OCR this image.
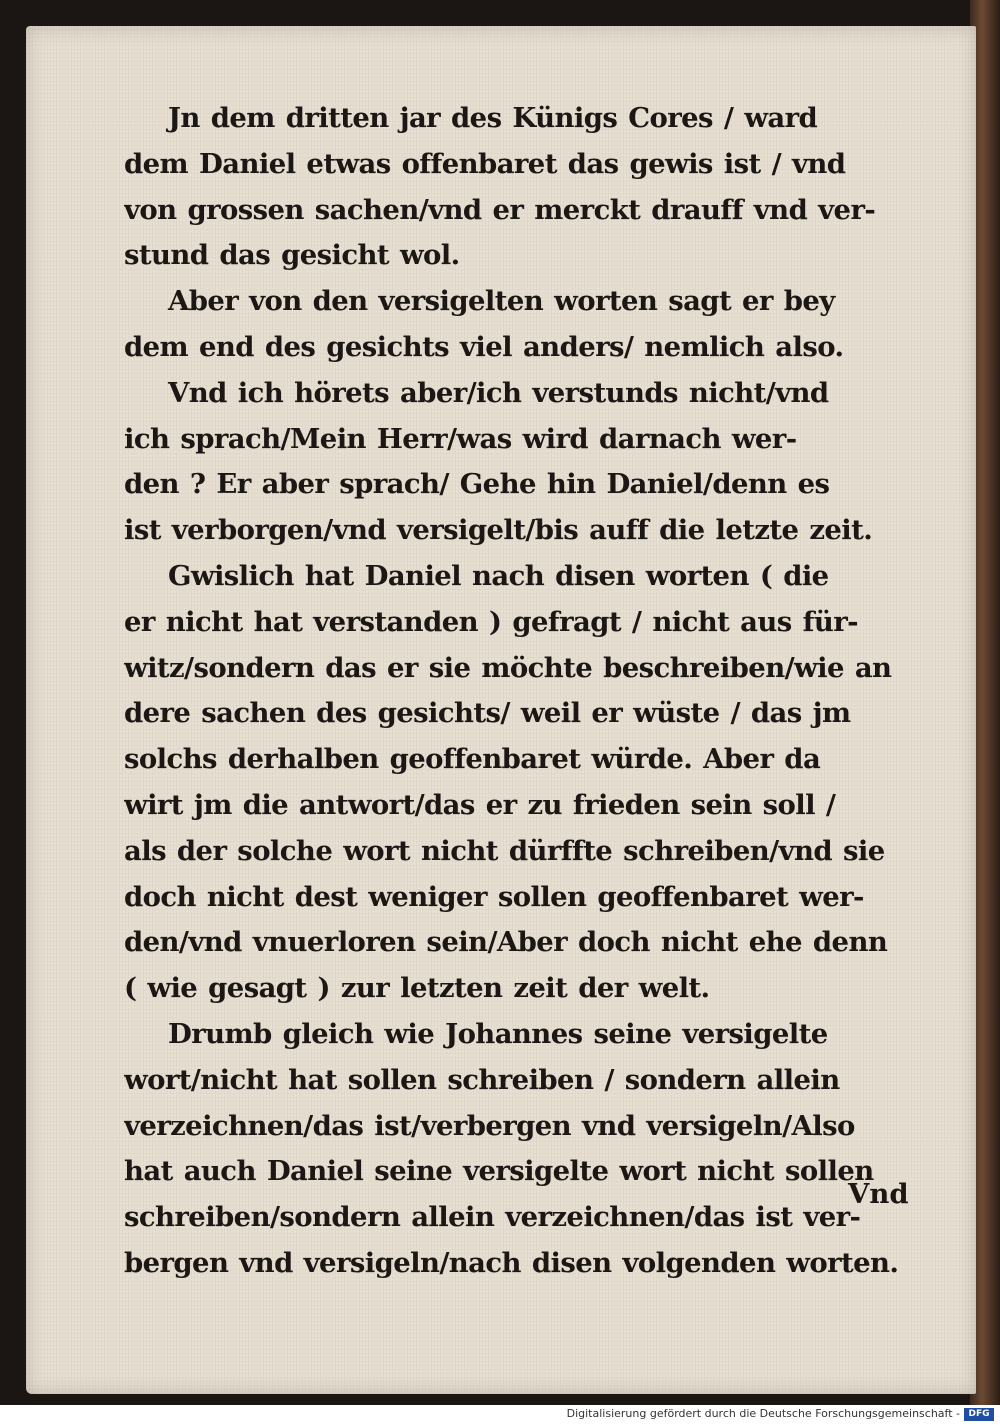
Jn dem dritten jar des Künigs Cores / ward
dem Daniel etwas offenbaret das gewis ist / vnd
von grossen sachen/vnd er merckt drauff vnd ver-
stund das gesicht wol.
Aber von den versigelten worten sagt er bey
dem end des gesichts viel anders/ nemlich also.
Vnd ich hörets aber/ich verstunds nicht/vnd
ich sprach/Mein Herr/was wird darnach wer-
den ? Er aber sprach/ Gehe hin Daniel/denn es
ist verborgen/vnd versigelt/bis auff die letzte zeit.
Gwislich hat Daniel nach disen worten ( die
er nicht hat verstanden ) gefragt / nicht aus für-
witz/sondern das er sie möchte beschreiben/wie an
dere sachen des gesichts/ weil er wüste / das jm
solchs derhalben geoffenbaret würde. Aber da
wirt jm die antwort/das er zu frieden sein soll /
als der solche wort nicht dürffte schreiben/vnd sie
doch nicht dest weniger sollen geoffenbaret wer-
den/vnd vnuerloren sein/Aber doch nicht ehe denn
( wie gesagt ) zur letzten zeit der welt.
Drumb gleich wie Johannes seine versigelte
wort/nicht hat sollen schreiben / sondern allein
verzeichnen/das ist/verbergen vnd versigeln/Also
hat auch Daniel seine versigelte wort nicht sollen
schreiben/sondern allein verzeichnen/das ist ver-
bergen vnd versigeln/nach disen volgenden worten.
Vnd
Digitalisierung gefördert durch die Deutsche Forschungsgemeinschaft - DFG
